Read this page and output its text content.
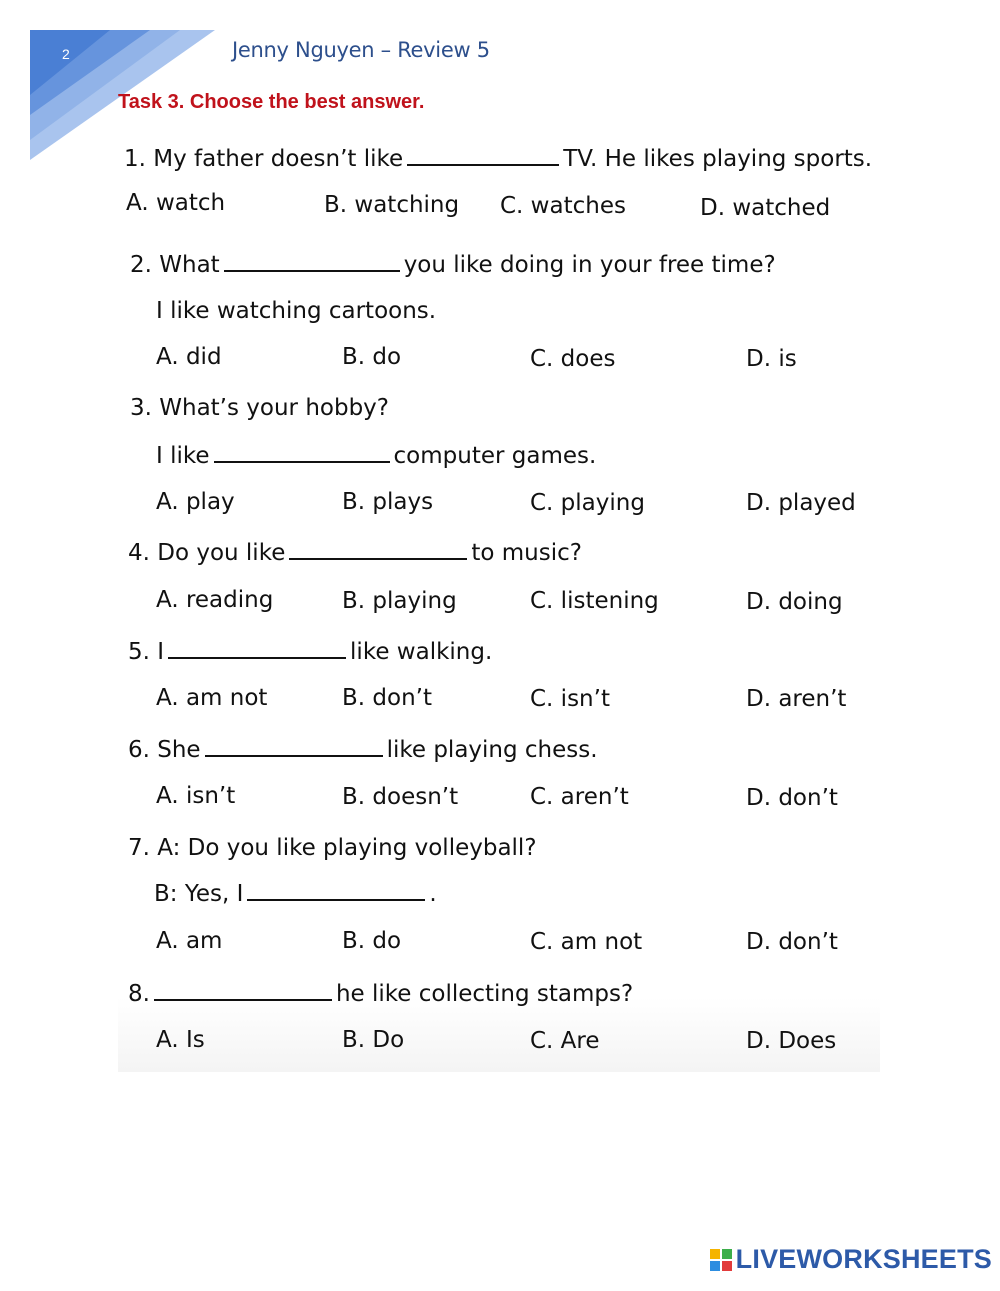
2	Jenny Nguyen – Review 5
Task 3. Choose the best answer.
1. My father doesn’t like	TV. He likes playing sports.
A. watch	B. watching C. watches	D. watched
2. What	you like doing in your free time?
I like watching cartoons.
A. did	B. do	C. does	D. is
3. What’s your hobby?
I like	computer games.
A. play	B. plays	C. playing	D. played
4. Do you like	to music?
A. reading	B. playing	C. listening	D. doing
5. I	like walking.
A. am not	B. don’t	C. isn’t	D. aren’t
6. She	like playing chess.
A. isn’t	B. doesn’t	C. aren’t	D. don’t
7. A: Do you like playing volleyball?
B: Yes, I	.
A. am	B. do	C. am not	D. don’t
8.	he like collecting stamps?
A. Is	B. Do	C. Are	D. Does
LIVEWORKSHEETS
